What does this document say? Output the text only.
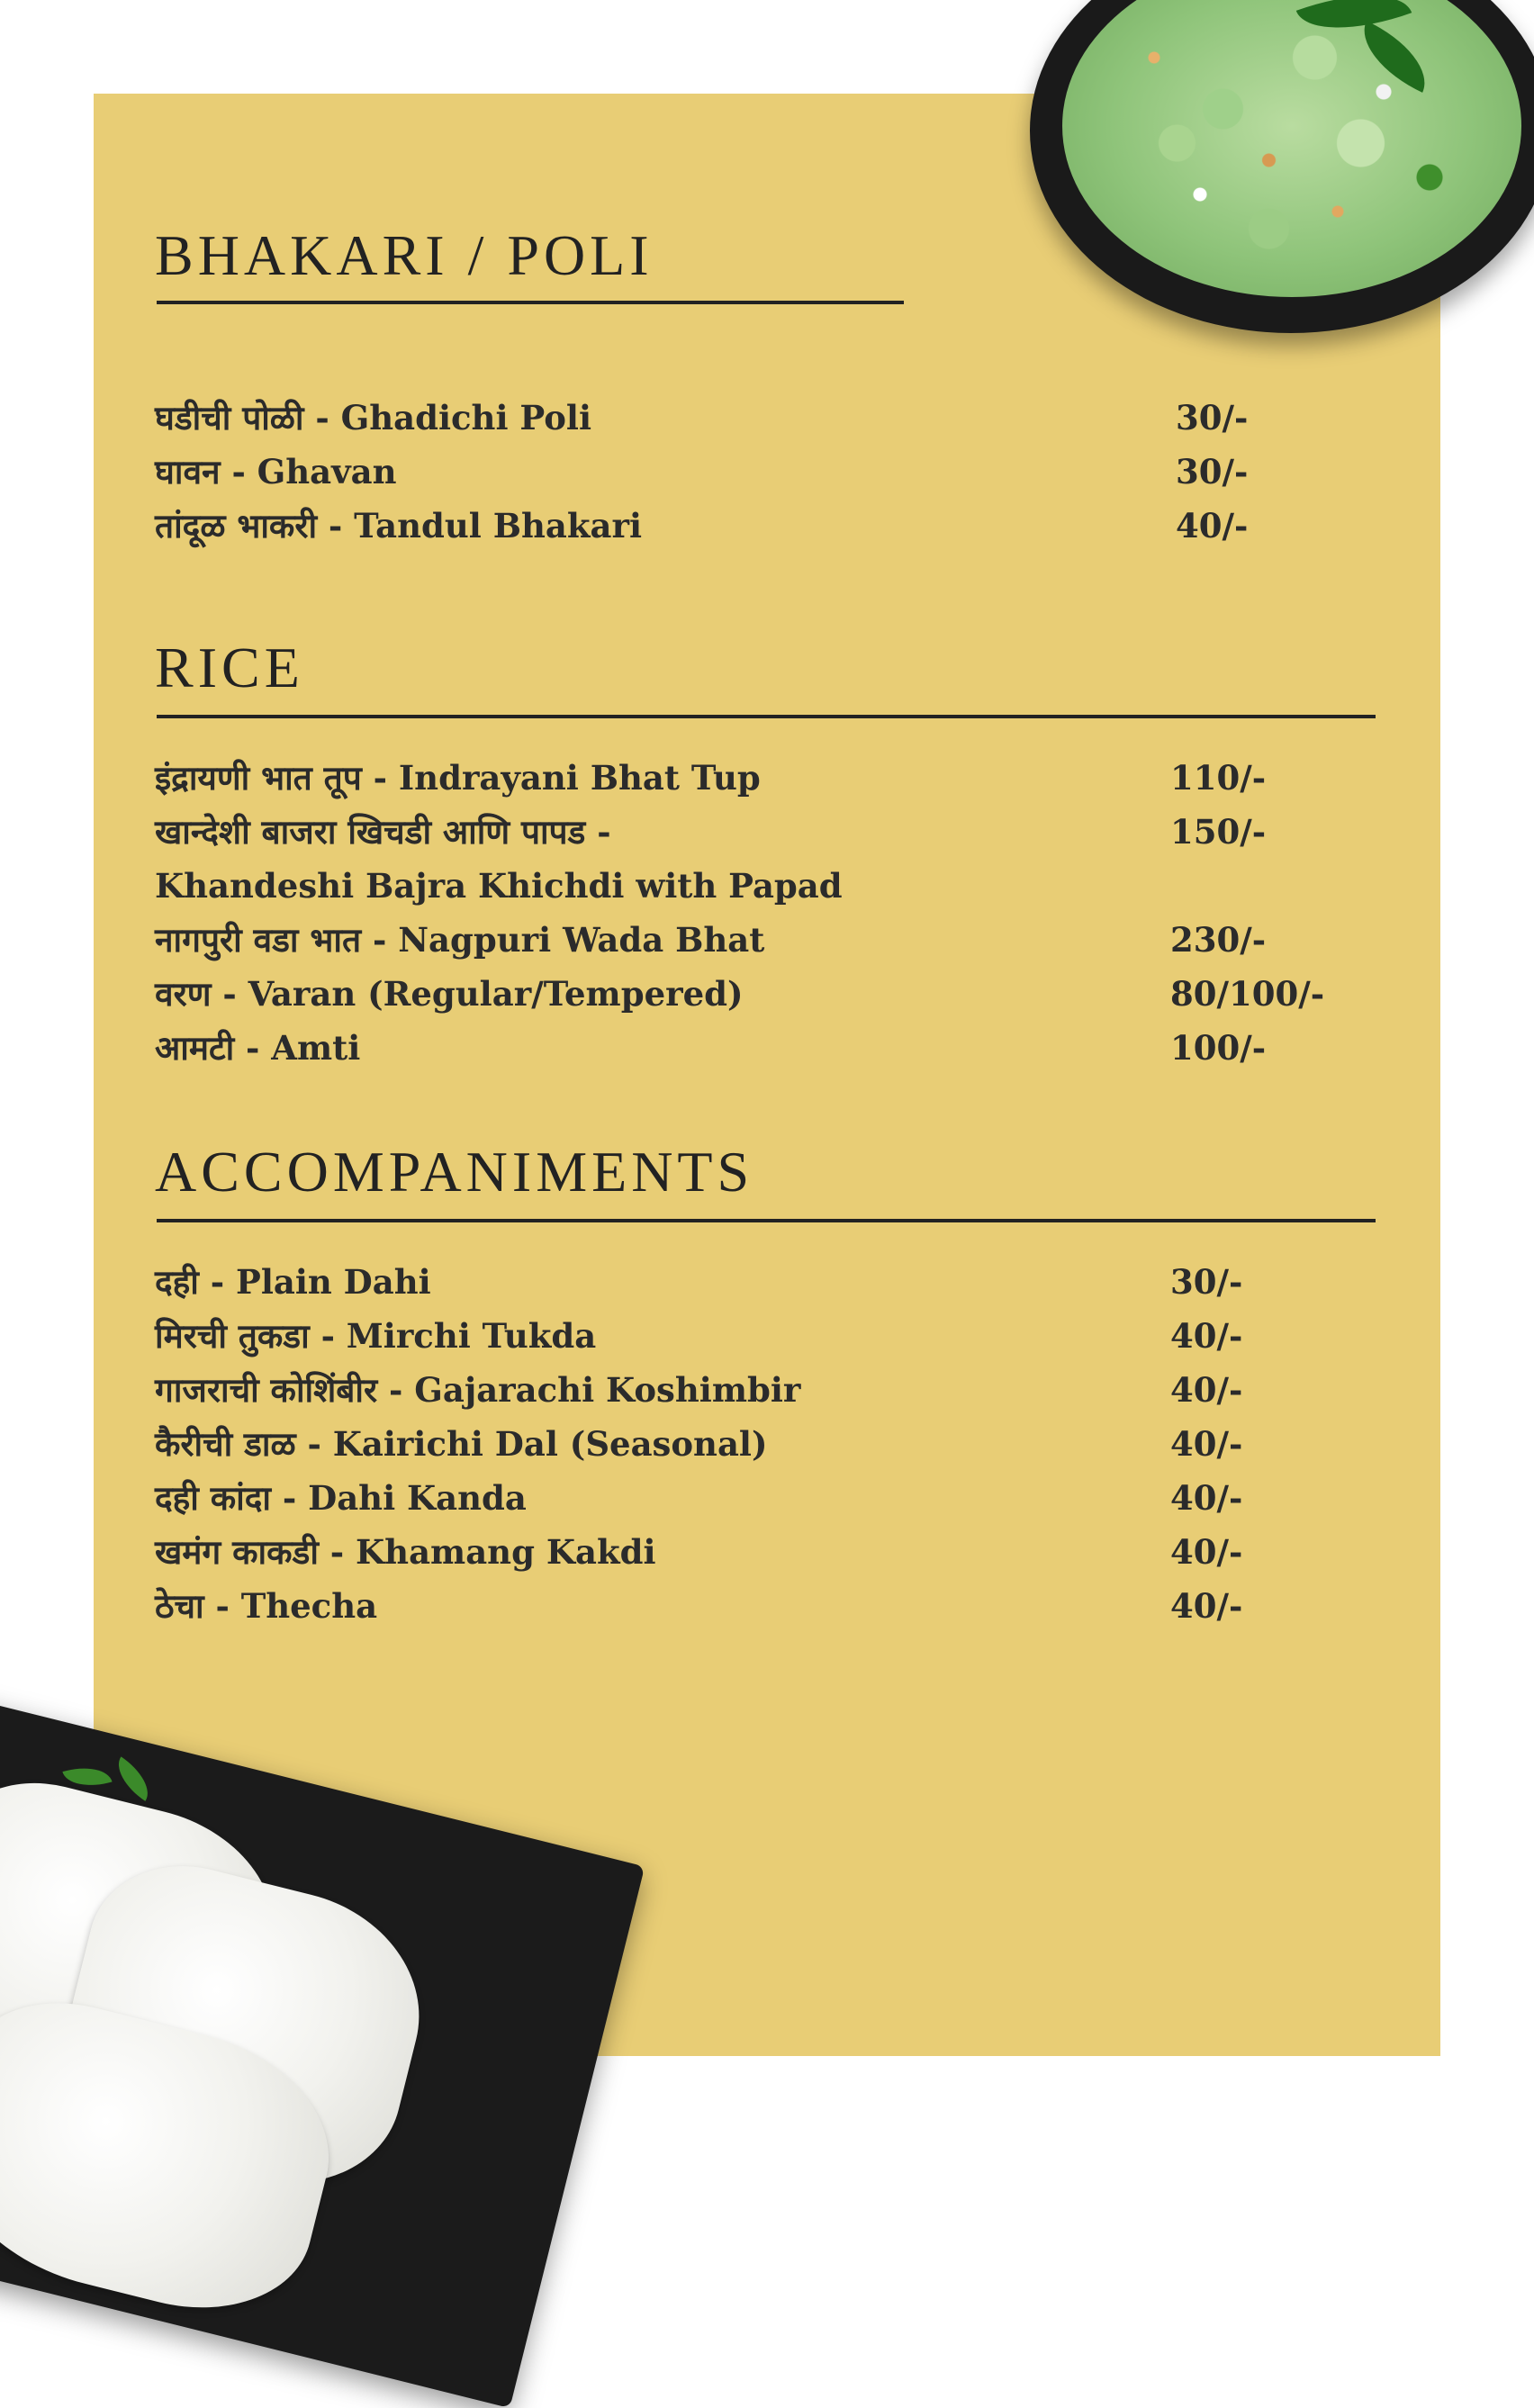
BHAKARI / POLI
घडीची पोळी - Ghadichi Poli	30/-
घावन - Ghavan	30/-
तांदूळ भाकरी - Tandul Bhakari	40/-
RICE
इंद्रायणी भात तूप - Indrayani Bhat Tup	110/-
खान्देशी बाजरा खिचडी आणि पापड -	150/-
Khandeshi Bajra Khichdi with Papad
नागपुरी वडा भात - Nagpuri Wada Bhat	230/-
वरण - Varan (Regular/Tempered)	80/100/-
आमटी - Amti	100/-
ACCOMPANIMENTS
दही - Plain Dahi	30/-
मिरची तुकडा - Mirchi Tukda	40/-
गाजराची कोशिंबीर - Gajarachi Koshimbir	40/-
कैरीची डाळ - Kairichi Dal (Seasonal)	40/-
दही कांदा - Dahi Kanda	40/-
खमंग काकडी - Khamang Kakdi	40/-
ठेचा - Thecha	40/-
